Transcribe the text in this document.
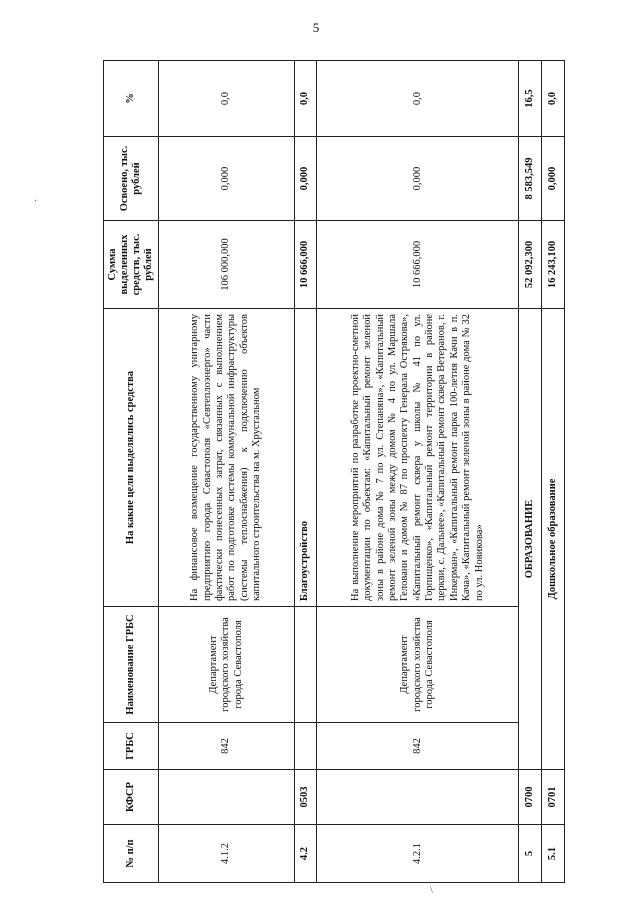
5
·
\
№ п/п	КФСР	ГРБС	Наименование ГРБС	На какие цели выделялись средства	Сумма выделенных средств, тыс. рублей	Освоено, тыс. рублей	%
4.1.2		842	Департамент городского хозяйства города Севастополя	На финансовое возмещение государственному унитарному предприятию города Севастополя «Севтеплоэнерго» части фактически понесенных затрат, связанных с выполнением работ по подготовке системы коммунальной инфраструктуры (системы теплоснабжения) к подключению объектов капитального строительства на м. Хрустальном	106 000,000	0,000	0,0
4.2	0503			Благоустройство	10 666,000	0,000	0,0
4.2.1		842	Департамент городского хозяйства города Севастополя	На выполнение мероприятий по разработке проектно-сметной документации по объектам: «Капитальный ремонт зеленой зоны в районе дома № 7 по ул. Степаняна», «Капитальный ремонт зеленой зоны между домом № 4 по ул. Маршала Геловани и домом № 87 по проспекту Генерала Острякова», «Капитальный ремонт сквера у школы № 41 по ул. Горпищенко», «Капитальный ремонт территории в районе церкви, с. Дальнее», «Капитальный ремонт сквера Ветеранов, г. Инкерман», «Капитальный ремонт парка 100-летия Качи в п. Кача», «Капитальный ремонт зеленой зоны в районе дома № 32 по ул. Новикова»	10 666,000	0,000	0,0
5	0700	ОБРАЗОВАНИЕ			52 092,300	8 583,549	16,5
5.1	0701	Дошкольное образование			16 243,100	0,000	0,0
